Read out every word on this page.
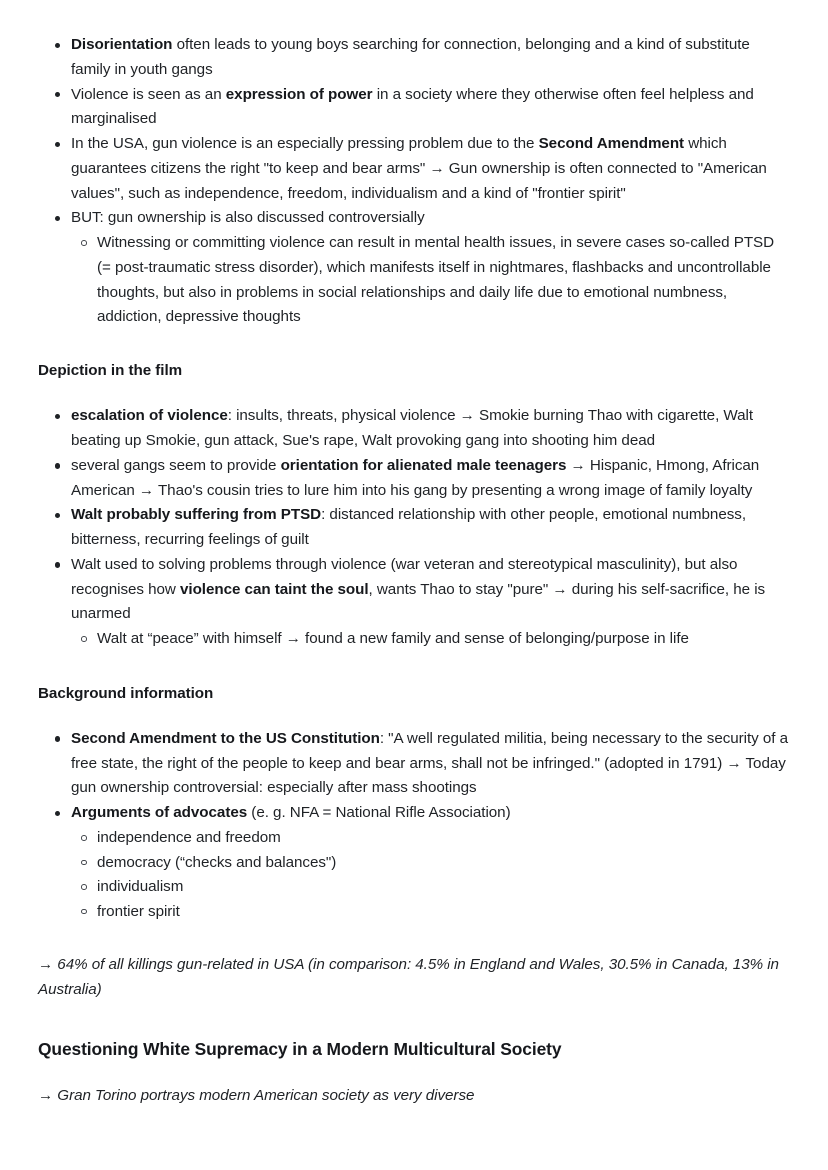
Disorientation often leads to young boys searching for connection, belonging and a kind of substitute family in youth gangs
Violence is seen as an expression of power in a society where they otherwise often feel helpless and marginalised
In the USA, gun violence is an especially pressing problem due to the Second Amendment which guarantees citizens the right "to keep and bear arms" → Gun ownership is often connected to "American values", such as independence, freedom, individualism and a kind of "frontier spirit"
BUT: gun ownership is also discussed controversially
Witnessing or committing violence can result in mental health issues, in severe cases so-called PTSD (= post-traumatic stress disorder), which manifests itself in nightmares, flashbacks and uncontrollable thoughts, but also in problems in social relationships and daily life due to emotional numbness, addiction, depressive thoughts
Depiction in the film
escalation of violence: insults, threats, physical violence → Smokie burning Thao with cigarette, Walt beating up Smokie, gun attack, Sue's rape, Walt provoking gang into shooting him dead
several gangs seem to provide orientation for alienated male teenagers → Hispanic, Hmong, African American → Thao's cousin tries to lure him into his gang by presenting a wrong image of family loyalty
Walt probably suffering from PTSD: distanced relationship with other people, emotional numbness, bitterness, recurring feelings of guilt
Walt used to solving problems through violence (war veteran and stereotypical masculinity), but also recognises how violence can taint the soul, wants Thao to stay "pure" → during his self-sacrifice, he is unarmed
Walt at “peace” with himself → found a new family and sense of belonging/purpose in life
Background information
Second Amendment to the US Constitution: "A well regulated militia, being necessary to the security of a free state, the right of the people to keep and bear arms, shall not be infringed." (adopted in 1791) → Today gun ownership controversial: especially after mass shootings
Arguments of advocates (e. g. NFA = National Rifle Association)
independence and freedom
democracy (“checks and balances")
individualism
frontier spirit
→ 64% of all killings gun-related in USA (in comparison: 4.5% in England and Wales, 30.5% in Canada, 13% in Australia)
Questioning White Supremacy in a Modern Multicultural Society
→ Gran Torino portrays modern American society as very diverse
